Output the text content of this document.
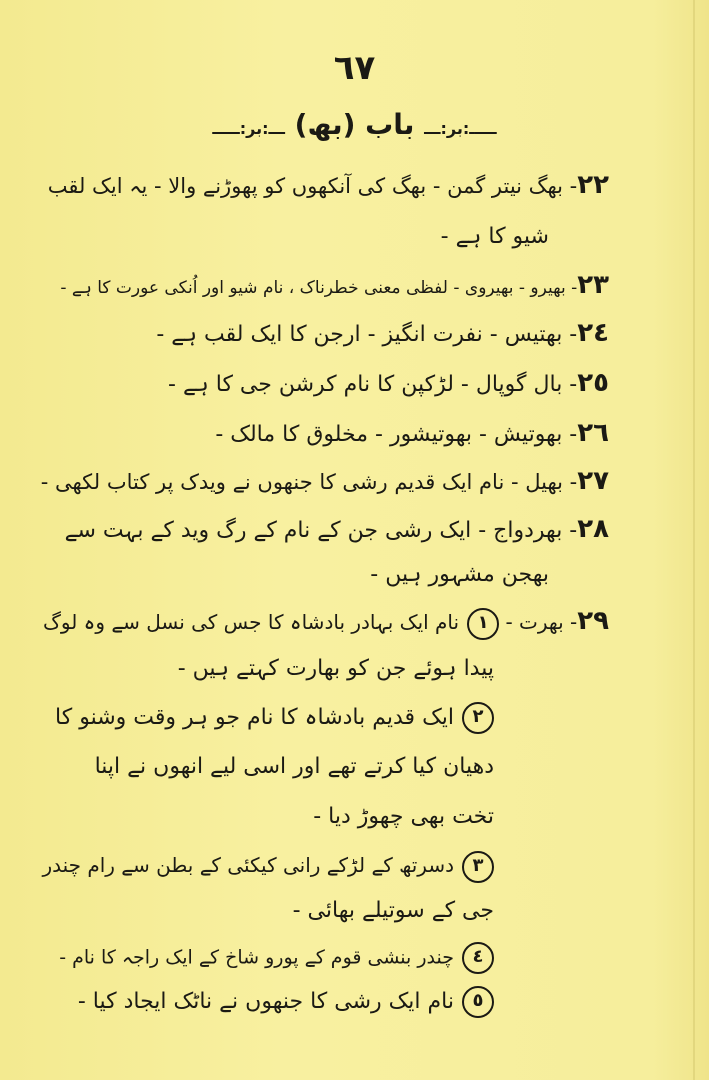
٦٧
ـــــ:بر:ـــ باب (بھ) ـــ:بر:ـــــ
٢٢- بھگ نیتر گمن - بھگ کی آنکھوں کو پھوڑنے والا - یہ ایک لقب
شیو کا ہے -
٢٣- بھیرو - بھیروی - لفظی معنی خطرناک ، نام شیو اور اُنکی عورت کا ہے -
٢٤- بھتیس - نفرت انگیز - ارجن کا ایک لقب ہے -
٢٥- بال گوپال - لڑکپن کا نام کرشن جی کا ہے -
٢٦- بھوتیش - بھوتیشور - مخلوق کا مالک -
٢٧- بھیل - نام ایک قدیم رشی کا جنھوں نے ویدک پر کتاب لکھی -
٢٨- بھردواج - ایک رشی جن کے نام کے رگ وید کے بہت سے
بھجن مشہور ہیں -
٢٩- بھرت - ١نام ایک بہادر بادشاہ کا جس کی نسل سے وہ لوگ
پیدا ہوئے جن کو بھارت کہتے ہیں -
٢ایک قدیم بادشاہ کا نام جو ہر وقت وشنو کا
دھیان کیا کرتے تھے اور اسی لیے انھوں نے اپنا
تخت بھی چھوڑ دیا -
٣دسرتھ کے لڑکے رانی کیکئی کے بطن سے رام چندر
جی کے سوتیلے بھائی -
٤چندر بنشی قوم کے پورو شاخ کے ایک راجہ کا نام -
٥نام ایک رشی کا جنھوں نے ناٹک ایجاد کیا -
